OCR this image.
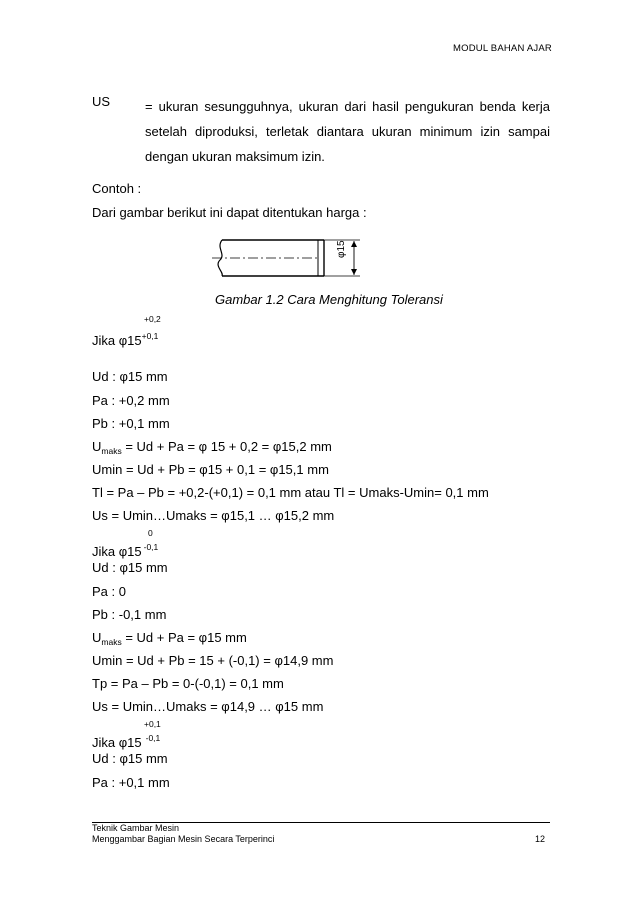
MODUL BAHAN AJAR
US	= ukuran sesungguhnya, ukuran dari hasil pengukuran benda kerja setelah diproduksi, terletak diantara ukuran minimum izin sampai dengan ukuran maksimum izin.
Contoh :
Dari gambar berikut ini dapat ditentukan harga :
φ15
Gambar 1.2 Cara Menghitung Toleransi
+0,2
Jika $\varphi 15^{+0,1}$
Ud : φ15 mm
Pa : +0,2 mm
Pb : +0,1 mm
$U_{maks} = Ud + Pa = \varphi$ 15 + 0,2 = φ15,2 mm
Umin = Ud + Pb = φ15 + 0,1 = φ15,1 mm
Tl = Pa – Pb = +0,2-(+0,1) = 0,1 mm atau Tl = Umaks-Umin= 0,1 mm
Us = Umin…Umaks = φ15,1 … φ15,2 mm
0
Jika φ15 $^{-0,1}$
Ud : φ15 mm
Pa : 0
Pb : -0,1 mm
$U_{maks} = Ud + Pa = \varphi 15$ mm
Umin = Ud + Pb = 15 + (-0,1) = φ14,9 mm
Tp = Pa – Pb = 0-(-0,1) = 0,1 mm
Us = Umin…Umaks = φ14,9 … φ15 mm
+0,1
Jika φ15 $^{-0,1}$
Ud : φ15 mm
Pa : +0,1 mm
Teknik Gambar Mesin
Menggambar Bagian Mesin Secara Terperinci	12
